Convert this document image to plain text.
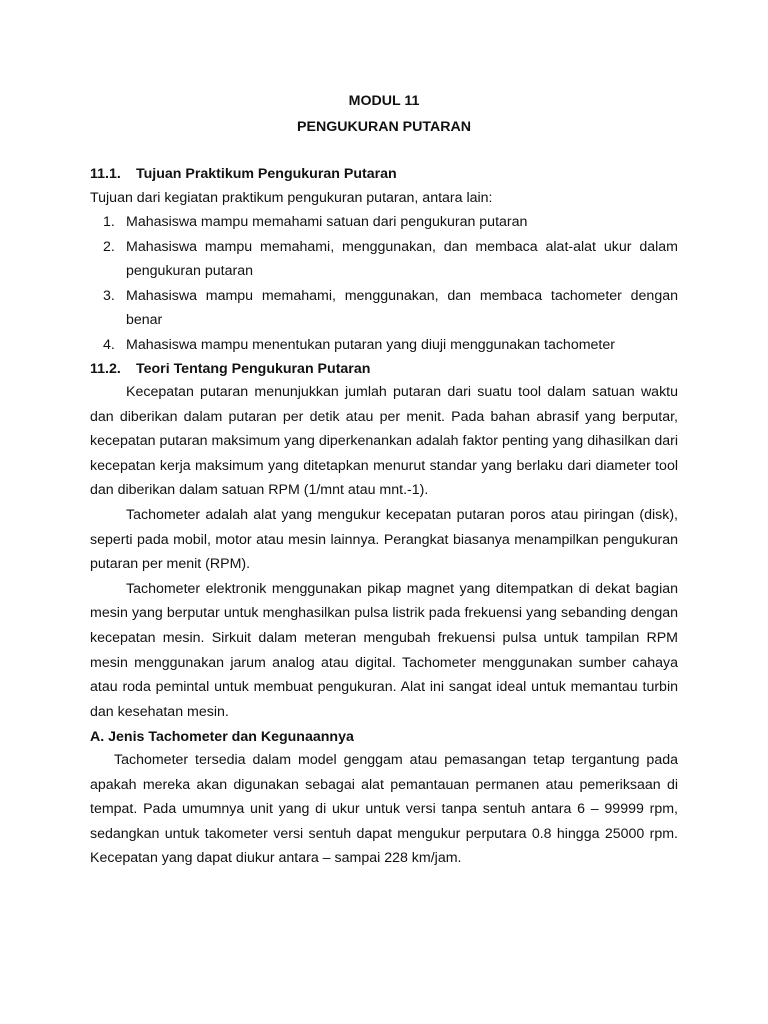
MODUL 11
PENGUKURAN PUTARAN
11.1. Tujuan Praktikum Pengukuran Putaran
Tujuan dari kegiatan praktikum pengukuran putaran, antara lain:
1. Mahasiswa mampu memahami satuan dari pengukuran putaran
2. Mahasiswa mampu memahami, menggunakan, dan membaca alat-alat ukur dalam pengukuran putaran
3. Mahasiswa mampu memahami, menggunakan, dan membaca tachometer dengan benar
4. Mahasiswa mampu menentukan putaran yang diuji menggunakan tachometer
11.2. Teori Tentang Pengukuran Putaran

Kecepatan putaran menunjukkan jumlah putaran dari suatu tool dalam satuan waktu dan diberikan dalam putaran per detik atau per menit. Pada bahan abrasif yang berputar, kecepatan putaran maksimum yang diperkenankan adalah faktor penting yang dihasilkan dari kecepatan kerja maksimum yang ditetapkan menurut standar yang berlaku dari diameter tool dan diberikan dalam satuan RPM (1/mnt atau mnt.-1).

Tachometer adalah alat yang mengukur kecepatan putaran poros atau piringan (disk), seperti pada mobil, motor atau mesin lainnya. Perangkat biasanya menampilkan pengukuran putaran per menit (RPM).

Tachometer elektronik menggunakan pikap magnet yang ditempatkan di dekat bagian mesin yang berputar untuk menghasilkan pulsa listrik pada frekuensi yang sebanding dengan kecepatan mesin. Sirkuit dalam meteran mengubah frekuensi pulsa untuk tampilan RPM mesin menggunakan jarum analog atau digital. Tachometer menggunakan sumber cahaya atau roda pemintal untuk membuat pengukuran. Alat ini sangat ideal untuk memantau turbin dan kesehatan mesin.

A. Jenis Tachometer dan Kegunaannya

Tachometer tersedia dalam model genggam atau pemasangan tetap tergantung pada apakah mereka akan digunakan sebagai alat pemantauan permanen atau pemeriksaan di tempat. Pada umumnya unit yang di ukur untuk versi tanpa sentuh antara 6 – 99999 rpm, sedangkan untuk takometer versi sentuh dapat mengukur perputara 0.8 hingga 25000 rpm. Kecepatan yang dapat diukur antara – sampai 228 km/jam.
